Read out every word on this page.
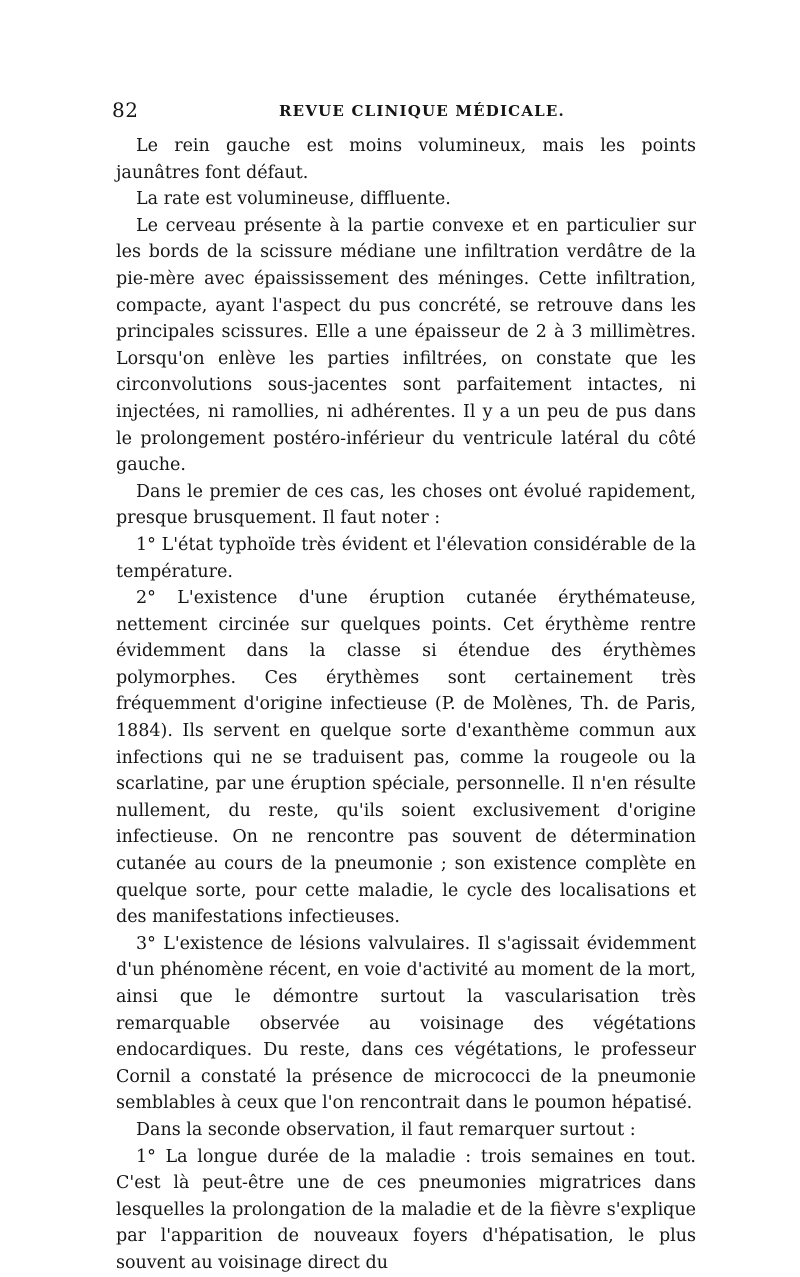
82	REVUE CLINIQUE MÉDICALE.

Le rein gauche est moins volumineux, mais les points jaunâtres font défaut.

La rate est volumineuse, diffluente.

Le cerveau présente à la partie convexe et en particulier sur les bords de la scissure médiane une infiltration verdâtre de la pie-mère avec épaississement des méninges. Cette infiltration, compacte, ayant l'aspect du pus concrété, se retrouve dans les principales scissures. Elle a une épaisseur de 2 à 3 millimètres. Lorsqu'on enlève les parties infiltrées, on constate que les circonvolutions sous-jacentes sont parfaitement intactes, ni injectées, ni ramollies, ni adhérentes. Il y a un peu de pus dans le prolongement postéro-inférieur du ventricule latéral du côté gauche.

Dans le premier de ces cas, les choses ont évolué rapidement, presque brusquement. Il faut noter :

1° L'état typhoïde très évident et l'élevation considérable de la température.

2° L'existence d'une éruption cutanée érythémateuse, nettement circinée sur quelques points. Cet érythème rentre évidemment dans la classe si étendue des érythèmes polymorphes. Ces érythèmes sont certainement très fréquemment d'origine infectieuse (P. de Molènes, Th. de Paris, 1884). Ils servent en quelque sorte d'exanthème commun aux infections qui ne se traduisent pas, comme la rougeole ou la scarlatine, par une éruption spéciale, personnelle. Il n'en résulte nullement, du reste, qu'ils soient exclusivement d'origine infectieuse. On ne rencontre pas souvent de détermination cutanée au cours de la pneumonie ; son existence complète en quelque sorte, pour cette maladie, le cycle des localisations et des manifestations infectieuses.

3° L'existence de lésions valvulaires. Il s'agissait évidemment d'un phénomène récent, en voie d'activité au moment de la mort, ainsi que le démontre surtout la vascularisation très remarquable observée au voisinage des végétations endocardiques. Du reste, dans ces végétations, le professeur Cornil a constaté la présence de micrococci de la pneumonie semblables à ceux que l'on rencontrait dans le poumon hépatisé.

Dans la seconde observation, il faut remarquer surtout :

1° La longue durée de la maladie : trois semaines en tout. C'est là peut-être une de ces pneumonies migratrices dans lesquelles la prolongation de la maladie et de la fièvre s'explique par l'apparition de nouveaux foyers d'hépatisation, le plus souvent au voisinage direct du
